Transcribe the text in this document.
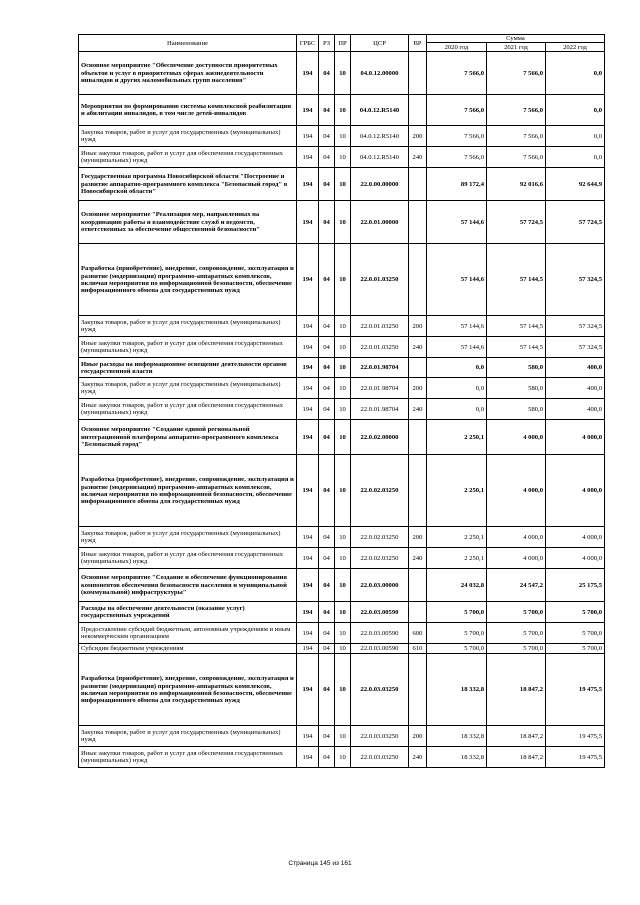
Наименование	ГРБС	РЗ	ПР	ЦСР	ВР	Сумма		
						2020 год	2021 год	2022 год
Основное мероприятие "Обеспечение доступности приоритетных объектов и услуг в приоритетных сферах жизнедеятельности инвалидов и других маломобильных групп населения"	194	04	10	04.0.12.00000		7 566,0	7 566,0	0,0
Мероприятия по формированию системы комплексной реабилитации и абилитации инвалидов, в том числе детей-инвалидов	194	04	10	04.0.12.R5140		7 566,0	7 566,0	0,0
Закупка товаров, работ и услуг для государственных (муниципальных) нужд	194	04	10	04.0.12.R5140	200	7 566,0	7 566,0	0,0
Иные закупки товаров, работ и услуг для обеспечения государственных (муниципальных) нужд	194	04	10	04.0.12.R5140	240	7 566,0	7 566,0	0,0
Государственная программа Новосибирской области "Построение и развитие аппаратно-программного комплекса "Безопасный город" в Новосибирской области"	194	04	10	22.0.00.00000		89 172,4	92 016,6	92 644,9
Основное мероприятие "Реализация мер, направленных на координацию работы и взаимодействие служб и ведомств, ответственных за обеспечение общественной безопасности"	194	04	10	22.0.01.00000		57 144,6	57 724,5	57 724,5
Разработка (приобретение), внедрение, сопровождение, эксплуатация и развитие (модернизация) программно-аппаратных комплексов, включая мероприятия по информационной безопасности, обеспечение информационного обмена для государственных нужд	194	04	10	22.0.01.03250		57 144,6	57 144,5	57 324,5
Закупка товаров, работ и услуг для государственных (муниципальных) нужд	194	04	10	22.0.01.03250	200	57 144,6	57 144,5	57 324,5
Иные закупки товаров, работ и услуг для обеспечения государственных (муниципальных) нужд	194	04	10	22.0.01.03250	240	57 144,6	57 144,5	57 324,5
Иные расходы на информационное освещение деятельности органов государственной власти	194	04	10	22.0.01.98704		0,0	580,0	400,0
Закупка товаров, работ и услуг для государственных (муниципальных) нужд	194	04	10	22.0.01.98704	200	0,0	580,0	400,0
Иные закупки товаров, работ и услуг для обеспечения государственных (муниципальных) нужд	194	04	10	22.0.01.98704	240	0,0	580,0	400,0
Основное мероприятие "Создание единой региональной интеграционной платформы аппаратно-программного комплекса "Безопасный город"	194	04	10	22.0.02.00000		2 250,1	4 000,0	4 000,0
Разработка (приобретение), внедрение, сопровождение, эксплуатация и развитие (модернизация) программно-аппаратных комплексов, включая мероприятия по информационной безопасности, обеспечение информационного обмена для государственных нужд	194	04	10	22.0.02.03250		2 250,1	4 000,0	4 000,0
Закупка товаров, работ и услуг для государственных (муниципальных) нужд	194	04	10	22.0.02.03250	200	2 250,1	4 000,0	4 000,0
Иные закупки товаров, работ и услуг для обеспечения государственных (муниципальных) нужд	194	04	10	22.0.02.03250	240	2 250,1	4 000,0	4 000,0
Основное мероприятие "Создание и обеспечение функционирования компонентов обеспечения безопасности населения и муниципальной (коммунальной) инфраструктуры"	194	04	10	22.0.03.00000		24 032,8	24 547,2	25 175,5
Расходы на обеспечение деятельности (оказание услуг) государственных учреждений	194	04	10	22.0.03.00590		5 700,0	5 700,0	5 700,0
Предоставление субсидий бюджетным, автономным учреждениям и иным некоммерческим организациям	194	04	10	22.0.03.00590	600	5 700,0	5 700,0	5 700,0
Субсидии бюджетным учреждениям	194	04	10	22.0.03.00590	610	5 700,0	5 700,0	5 700,0
Разработка (приобретение), внедрение, сопровождение, эксплуатация и развитие (модернизация) программно-аппаратных комплексов, включая мероприятия по информационной безопасности, обеспечение информационного обмена для государственных нужд	194	04	10	22.0.03.03250		18 332,8	18 847,2	19 475,5
Закупка товаров, работ и услуг для государственных (муниципальных) нужд	194	04	10	22.0.03.03250	200	18 332,8	18 847,2	19 475,5
Иные закупки товаров, работ и услуг для обеспечения государственных (муниципальных) нужд	194	04	10	22.0.03.03250	240	18 332,8	18 847,2	19 475,5
Страница 145 из 161
